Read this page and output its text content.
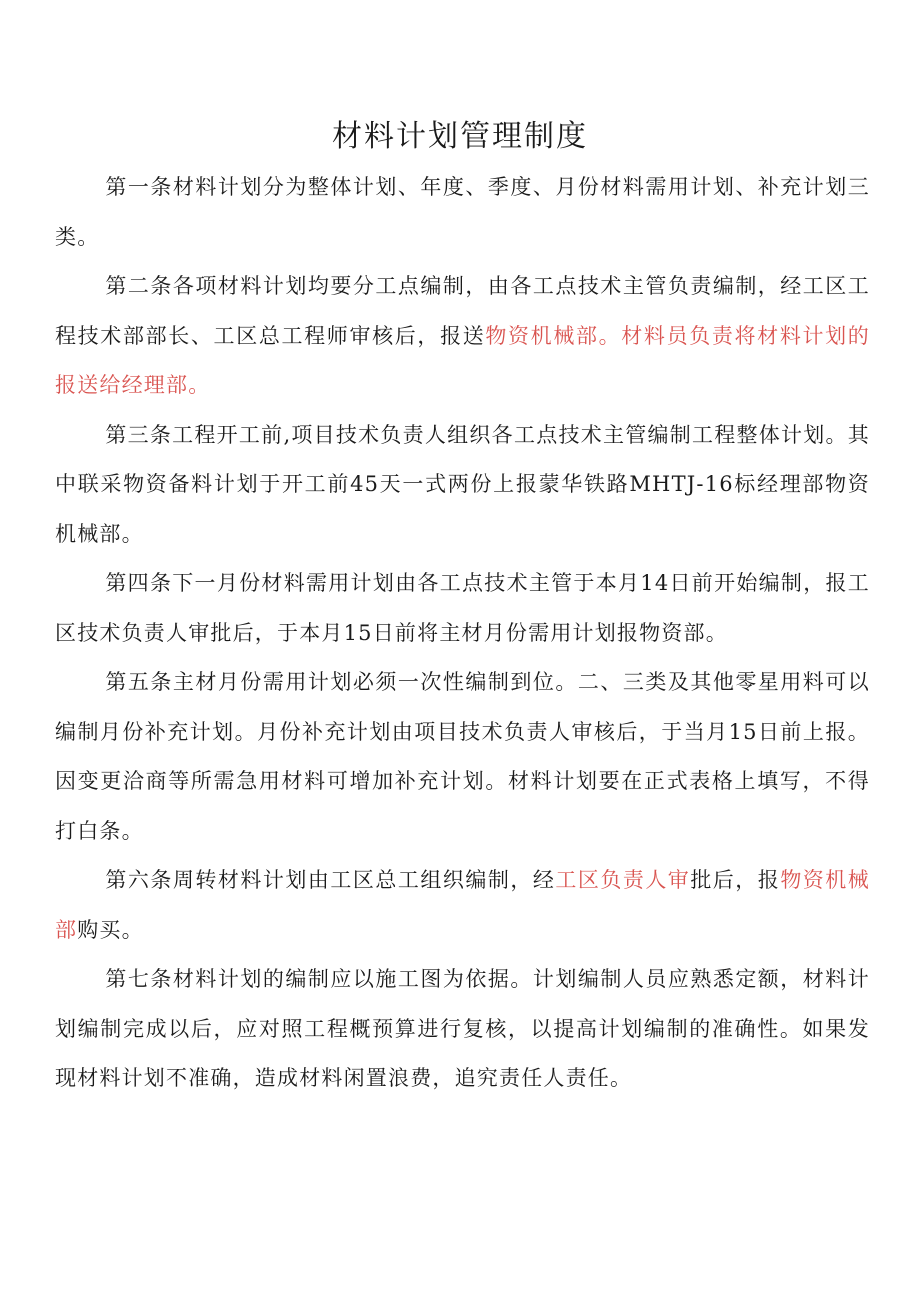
材料计划管理制度

第一条材料计划分为整体计划、年度、季度、月份材料需用计划、补充计划三类。

第二条各项材料计划均要分工点编制，由各工点技术主管负责编制，经工区工程技术部部长、工区总工程师审核后，报送物资机械部。材料员负责将材料计划的报送给经理部。

第三条工程开工前,项目技术负责人组织各工点技术主管编制工程整体计划。其中联采物资备料计划于开工前45天一式两份上报蒙华铁路MHTJ-16标经理部物资机械部。

第四条下一月份材料需用计划由各工点技术主管于本月14日前开始编制，报工区技术负责人审批后，于本月15日前将主材月份需用计划报物资部。

第五条主材月份需用计划必须一次性编制到位。二、三类及其他零星用料可以编制月份补充计划。月份补充计划由项目技术负责人审核后，于当月15日前上报。因变更洽商等所需急用材料可增加补充计划。材料计划要在正式表格上填写，不得打白条。

第六条周转材料计划由工区总工组织编制，经工区负责人审批后，报物资机械部购买。

第七条材料计划的编制应以施工图为依据。计划编制人员应熟悉定额，材料计划编制完成以后，应对照工程概预算进行复核，以提高计划编制的准确性。如果发现材料计划不准确，造成材料闲置浪费，追究责任人责任。
